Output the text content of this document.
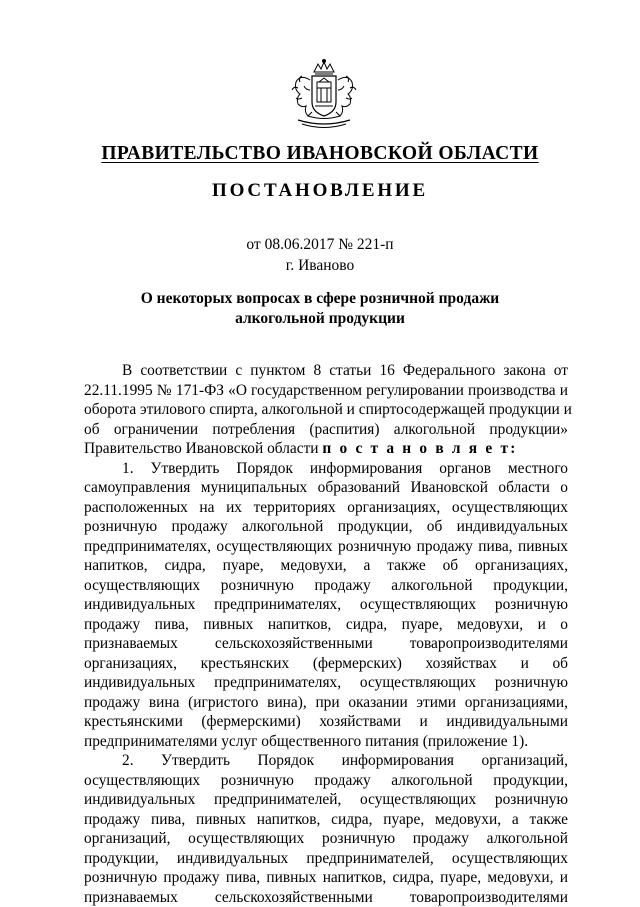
ПРАВИТЕЛЬСТВО ИВАНОВСКОЙ ОБЛАСТИ
ПОСТАНОВЛЕНИЕ
от 08.06.2017 № 221-п
г. Иваново
О некоторых вопросах в сфере розничной продажи
алкогольной продукции
В соответствии с пунктом 8 статьи 16 Федерального закона от
22.11.1995 № 171-ФЗ «О государственном регулировании производства и
оборота этилового спирта, алкогольной и спиртосодержащей продукции и
об ограничении потребления (распития) алкогольной продукции»
Правительство Ивановской области п о с т а н о в л я е т:
1. Утвердить Порядок информирования органов местного
самоуправления муниципальных образований Ивановской области о
расположенных на их территориях организациях, осуществляющих
розничную продажу алкогольной продукции, об индивидуальных
предпринимателях, осуществляющих розничную продажу пива, пивных
напитков, сидра, пуаре, медовухи, а также об организациях,
осуществляющих розничную продажу алкогольной продукции,
индивидуальных предпринимателях, осуществляющих розничную
продажу пива, пивных напитков, сидра, пуаре, медовухи, и о
признаваемых сельскохозяйственными товаропроизводителями
организациях, крестьянских (фермерских) хозяйствах и об
индивидуальных предпринимателях, осуществляющих розничную
продажу вина (игристого вина), при оказании этими организациями,
крестьянскими (фермерскими) хозяйствами и индивидуальными
предпринимателями услуг общественного питания (приложение 1).
2. Утвердить Порядок информирования организаций,
осуществляющих розничную продажу алкогольной продукции,
индивидуальных предпринимателей, осуществляющих розничную
продажу пива, пивных напитков, сидра, пуаре, медовухи, а также
организаций, осуществляющих розничную продажу алкогольной
продукции, индивидуальных предпринимателей, осуществляющих
розничную продажу пива, пивных напитков, сидра, пуаре, медовухи, и
признаваемых сельскохозяйственными товаропроизводителями
